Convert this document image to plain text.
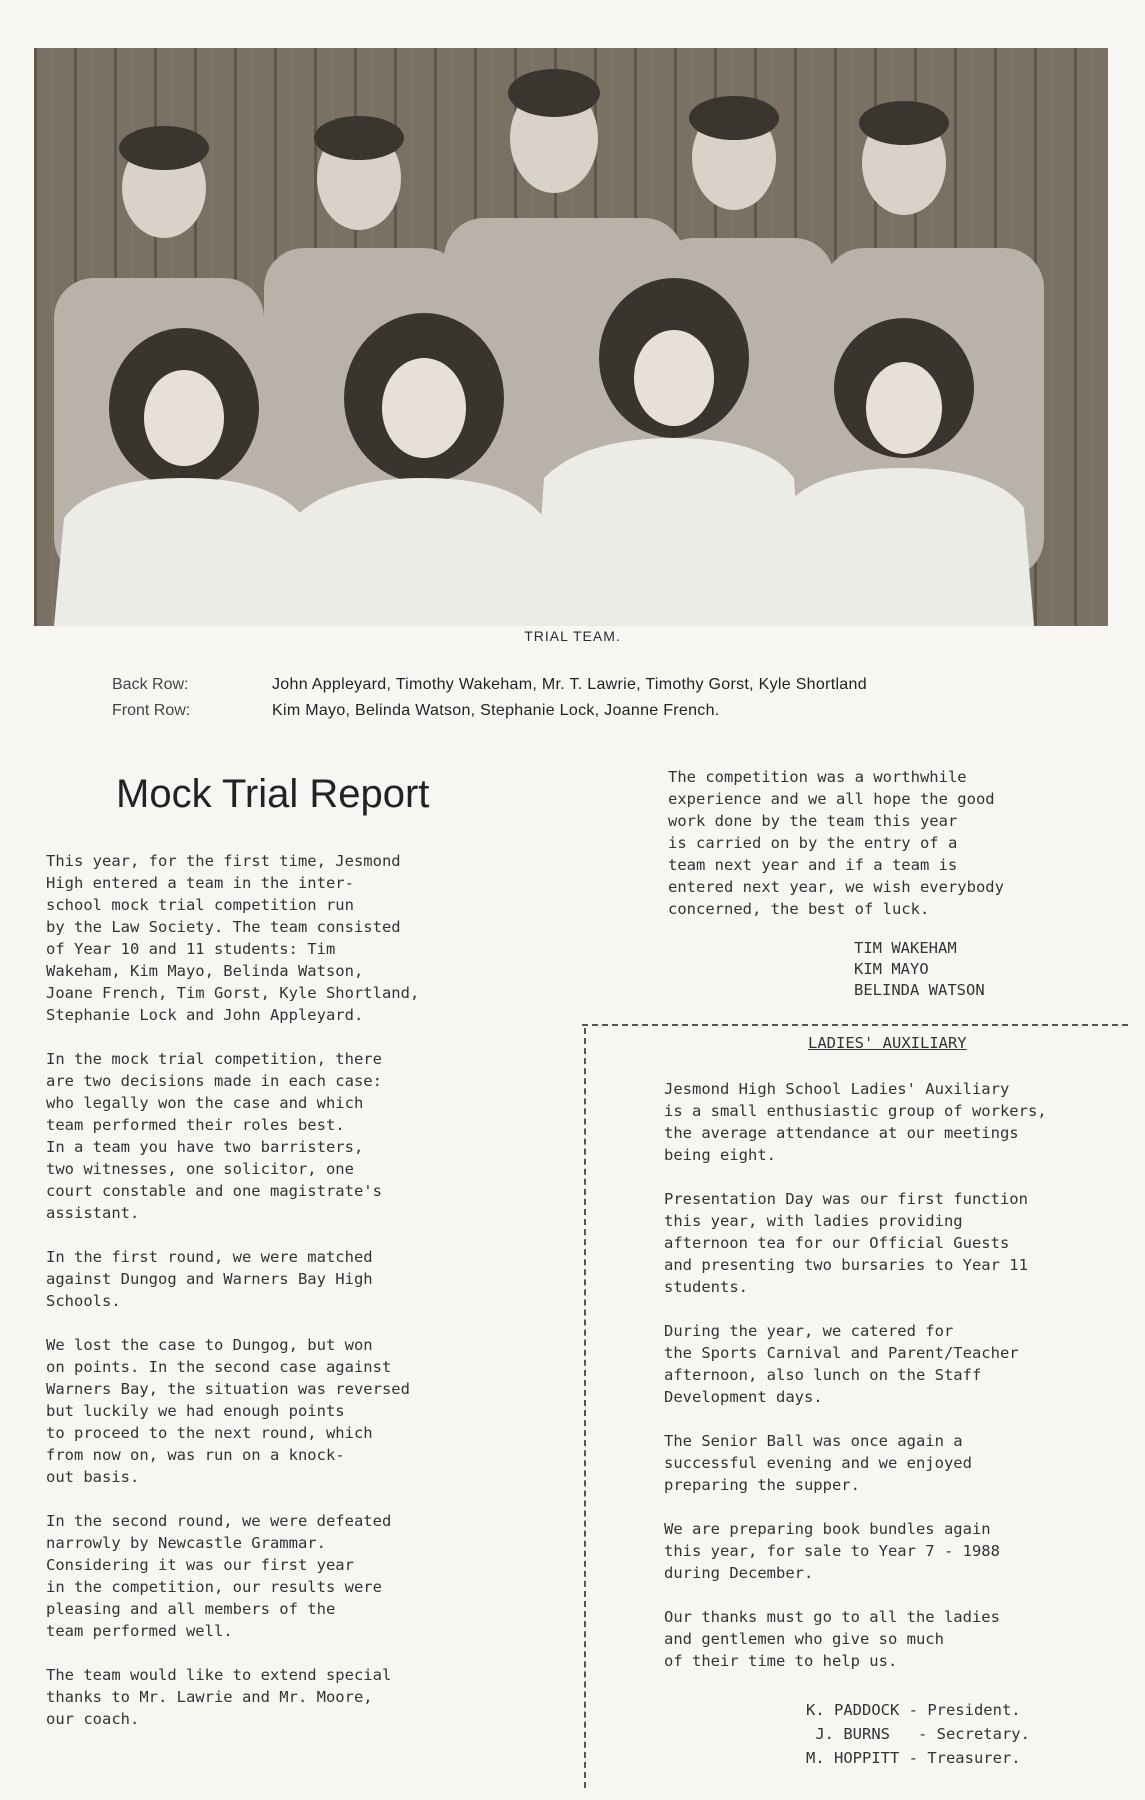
TRIAL TEAM.
Back Row:	John Appleyard, Timothy Wakeham, Mr. T. Lawrie, Timothy Gorst, Kyle Shortland
Front Row:	Kim Mayo, Belinda Watson, Stephanie Lock, Joanne French.
Mock Trial Report

This year, for the first time, Jesmond
High entered a team in the inter-
school mock trial competition run
by the Law Society. The team consisted
of Year 10 and 11 students: Tim
Wakeham, Kim Mayo, Belinda Watson,
Joane French, Tim Gorst, Kyle Shortland,
Stephanie Lock and John Appleyard.

In the mock trial competition, there
are two decisions made in each case:
who legally won the case and which
team performed their roles best.
In a team you have two barristers,
two witnesses, one solicitor, one
court constable and one magistrate's
assistant.

In the first round, we were matched
against Dungog and Warners Bay High
Schools.

We lost the case to Dungog, but won
on points. In the second case against
Warners Bay, the situation was reversed
but luckily we had enough points
to proceed to the next round, which
from now on, was run on a knock-
out basis.

In the second round, we were defeated
narrowly by Newcastle Grammar.
Considering it was our first year
in the competition, our results were
pleasing and all members of the
team performed well.

The team would like to extend special
thanks to Mr. Lawrie and Mr. Moore,
our coach.

The competition was a worthwhile
experience and we all hope the good
work done by the team this year
is carried on by the entry of a
team next year and if a team is
entered next year, we wish everybody
concerned, the best of luck.

TIM WAKEHAM
KIM MAYO
BELINDA WATSON
LADIES' AUXILIARY

Jesmond High School Ladies' Auxiliary
is a small enthusiastic group of workers,
the average attendance at our meetings
being eight.

Presentation Day was our first function
this year, with ladies providing
afternoon tea for our Official Guests
and presenting two bursaries to Year 11
students.

During the year, we catered for
the Sports Carnival and Parent/Teacher
afternoon, also lunch on the Staff
Development days.

The Senior Ball was once again a
successful evening and we enjoyed
preparing the supper.

We are preparing book bundles again
this year, for sale to Year 7 - 1988
during December.

Our thanks must go to all the ladies
and gentlemen who give so much
of their time to help us.

K. PADDOCK - President.
J. BURNS   - Secretary.
M. HOPPITT - Treasurer.
